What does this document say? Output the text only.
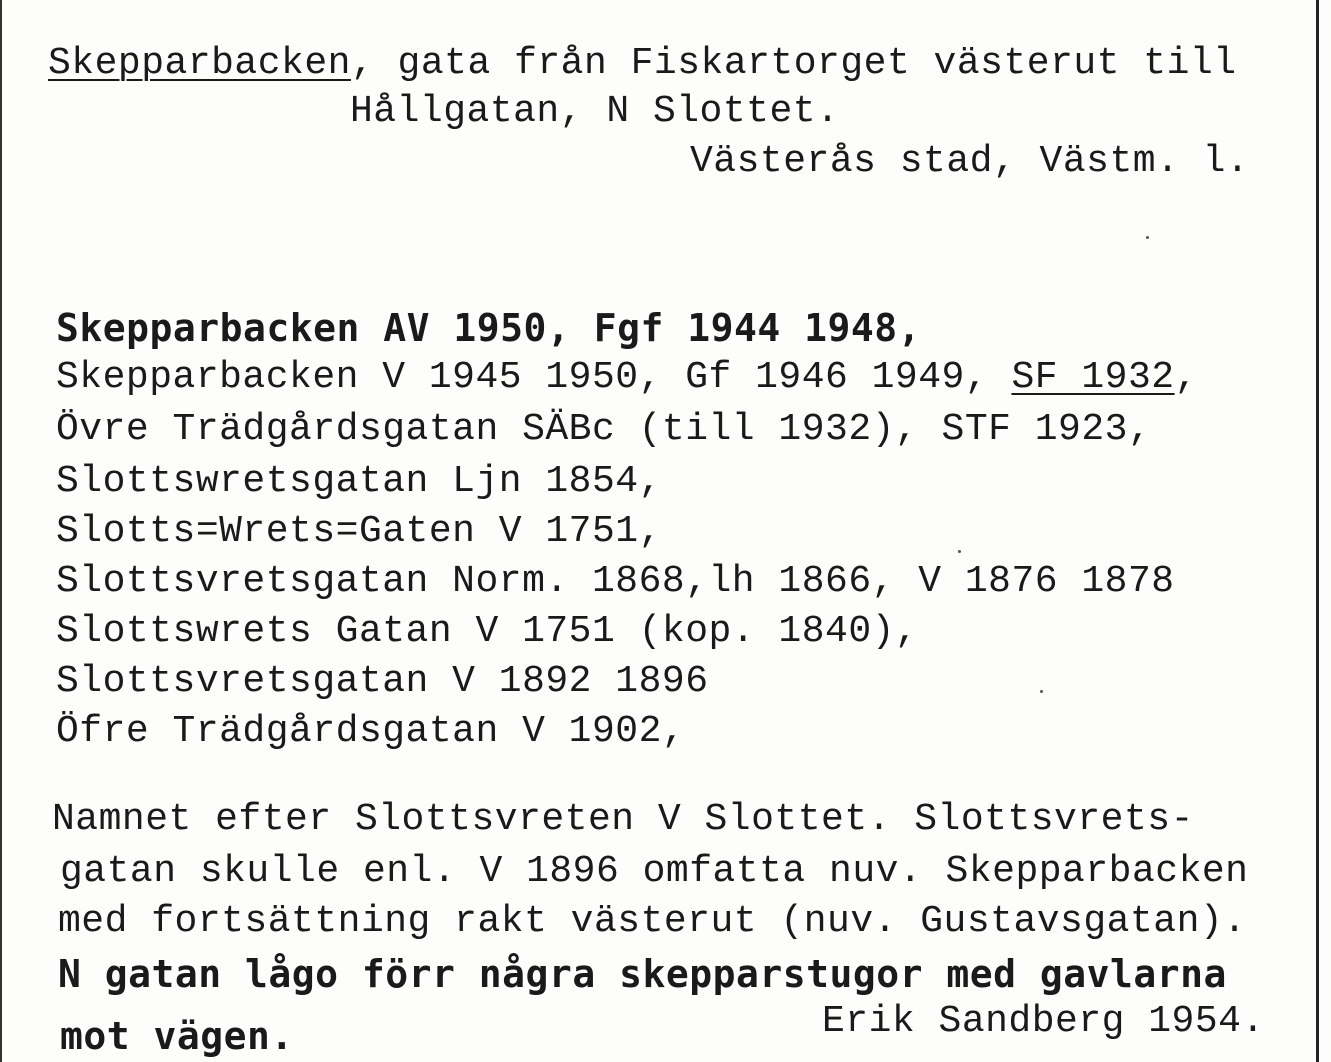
Skepparbacken, gata från Fiskartorget västerut till
Hållgatan, N Slottet.
Västerås stad, Västm. l.
Skepparbacken AV 1950, Fgf 1944 1948,
Skepparbacken V 1945 1950, Gf 1946 1949, SF 1932,
Övre Trädgårdsgatan SÄBc (till 1932), STF 1923,
Slottswretsgatan Ljn 1854,
Slotts=Wrets=Gaten V 1751,
Slottsvretsgatan Norm. 1868,lh 1866, V 1876 1878
Slottswrets Gatan V 1751 (kop. 1840),
Slottsvretsgatan V 1892 1896
Öfre Trädgårdsgatan V 1902,
Namnet efter Slottsvreten V Slottet. Slottsvrets-
gatan skulle enl. V 1896 omfatta nuv. Skepparbacken
med fortsättning rakt västerut (nuv. Gustavsgatan).
N gatan lågo förr några skepparstugor med gavlarna
mot vägen.	Erik Sandberg 1954.
